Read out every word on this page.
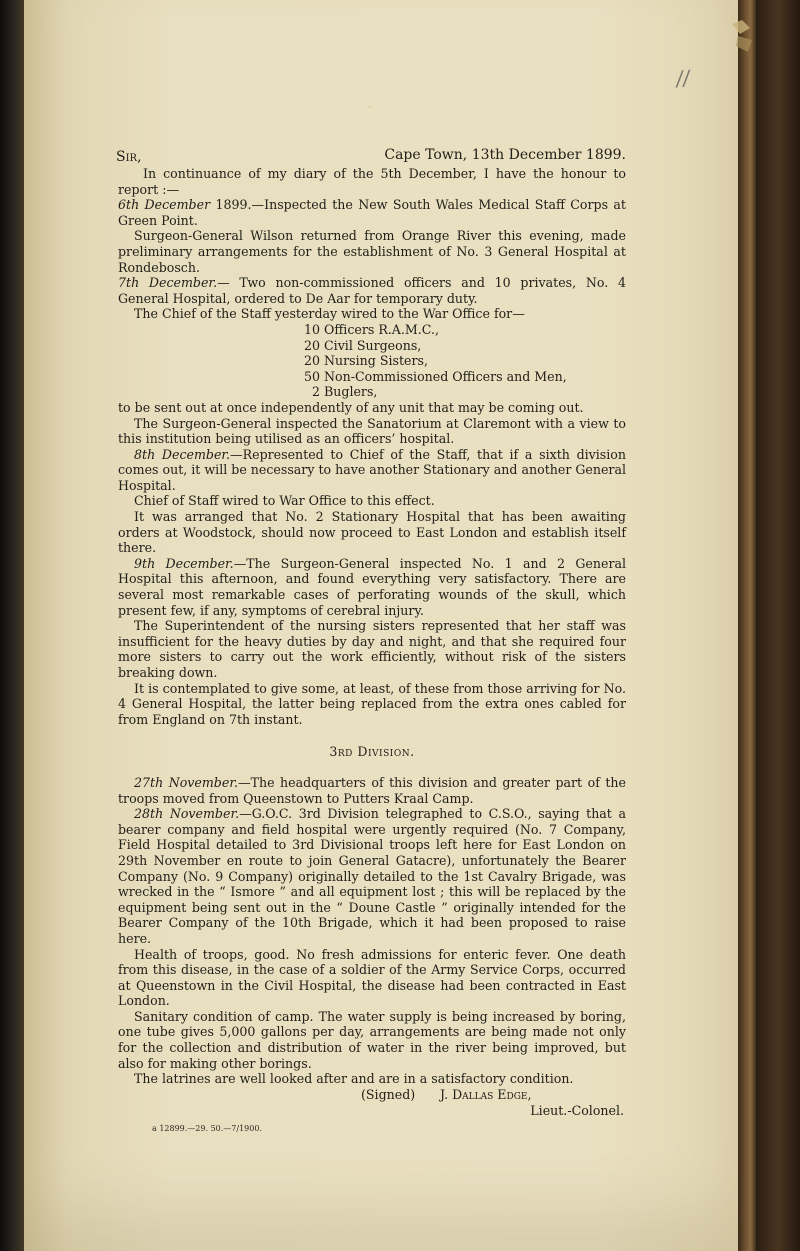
//
·
Sir,	Cape Town, 13th December 1899.

In continuance of my diary of the 5th December, I have the honour to report :—

6th December 1899.—Inspected the New South Wales Medical Staff Corps at Green Point.

Surgeon-General Wilson returned from Orange River this evening, made preliminary arrangements for the establishment of No. 3 General Hospital at Rondebosch.

7th December.— Two non-commissioned officers and 10 privates, No. 4 General Hospital, ordered to De Aar for temporary duty.

The Chief of the Staff yesterday wired to the War Office for—

10 Officers R.A.M.C.,
20 Civil Surgeons,
20 Nursing Sisters,
50 Non-Commissioned Officers and Men,
2 Buglers,

to be sent out at once independently of any unit that may be coming out.

The Surgeon-General inspected the Sanatorium at Claremont with a view to this institution being utilised as an officers’ hospital.

8th December.—Represented to Chief of the Staff, that if a sixth division comes out, it will be necessary to have another Stationary and another General Hospital.

Chief of Staff wired to War Office to this effect.

It was arranged that No. 2 Stationary Hospital that has been awaiting orders at Woodstock, should now proceed to East London and establish itself there.

9th December.—The Surgeon-General inspected No. 1 and 2 General Hospital this afternoon, and found everything very satisfactory. There are several most remarkable cases of perforating wounds of the skull, which present few, if any, symptoms of cerebral injury.

The Superintendent of the nursing sisters represented that her staff was insufficient for the heavy duties by day and night, and that she required four more sisters to carry out the work efficiently, without risk of the sisters breaking down.

It is contemplated to give some, at least, of these from those arriving for No. 4 General Hospital, the latter being replaced from the extra ones cabled for from England on 7th instant.

3rd Division.

27th November.—The headquarters of this division and greater part of the troops moved from Queenstown to Putters Kraal Camp.

28th November.—G.O.C. 3rd Division telegraphed to C.S.O., saying that a bearer company and field hospital were urgently required (No. 7 Company, Field Hospital detailed to 3rd Divisional troops left here for East London on 29th November en route to join General Gatacre), unfortunately the Bearer Company (No. 9 Company) originally detailed to the 1st Cavalry Brigade, was wrecked in the “ Ismore ” and all equipment lost ; this will be replaced by the equipment being sent out in the “ Doune Castle ” originally intended for the Bearer Company of the 10th Brigade, which it had been proposed to raise here.

Health of troops, good. No fresh admissions for enteric fever. One death from this disease, in the case of a soldier of the Army Service Corps, occurred at Queenstown in the Civil Hospital, the disease had been contracted in East London.

Sanitary condition of camp. The water supply is being increased by boring, one tube gives 5,000 gallons per day, arrangements are being made not only for the collection and distribution of water in the river being improved, but also for making other borings.

The latrines are well looked after and are in a satisfactory condition.

(Signed) J. Dallas Edge,
Lieut.-Colonel.
a 12899.—29. 50.—7/1900.
